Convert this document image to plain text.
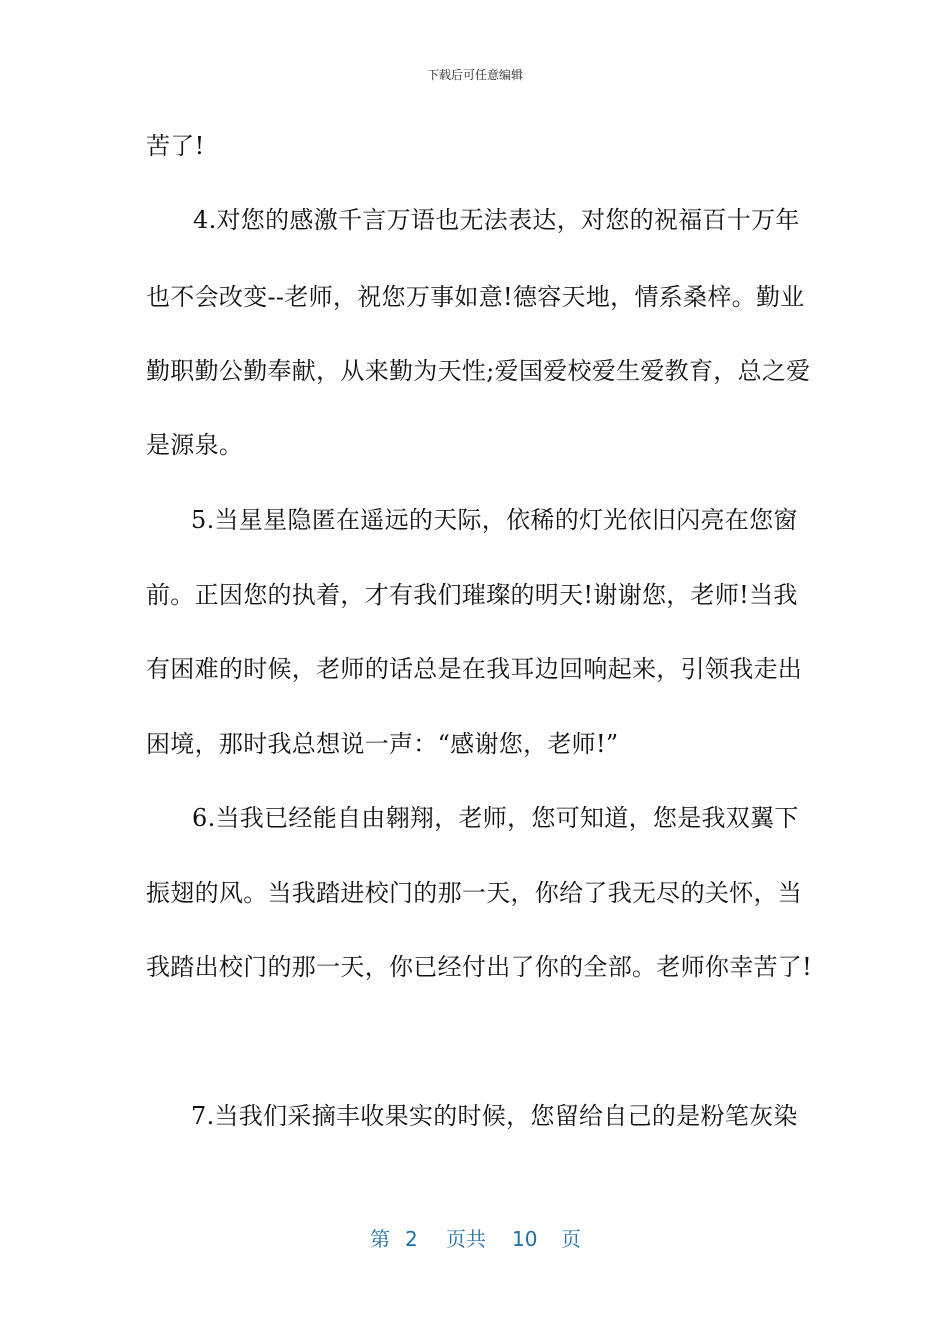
下载后可任意编辑
苦了!
4.对您的感激千言万语也无法表达，对您的祝福百十万年
也不会改变--老师，祝您万事如意!德容天地，情系桑梓。勤业
勤职勤公勤奉献，从来勤为天性;爱国爱校爱生爱教育，总之爱
是源泉。
5.当星星隐匿在遥远的天际，依稀的灯光依旧闪亮在您窗
前。正因您的执着，才有我们璀璨的明天!谢谢您，老师!当我
有困难的时候，老师的话总是在我耳边回响起来，引领我走出
困境，那时我总想说一声：“感谢您，老师!”
6.当我已经能自由翱翔，老师，您可知道，您是我双翼下
振翅的风。当我踏进校门的那一天，你给了我无尽的关怀，当
我踏出校门的那一天，你已经付出了你的全部。老师你幸苦了!
7.当我们采摘丰收果实的时候，您留给自己的是粉笔灰染
第 2 页共 10 页
